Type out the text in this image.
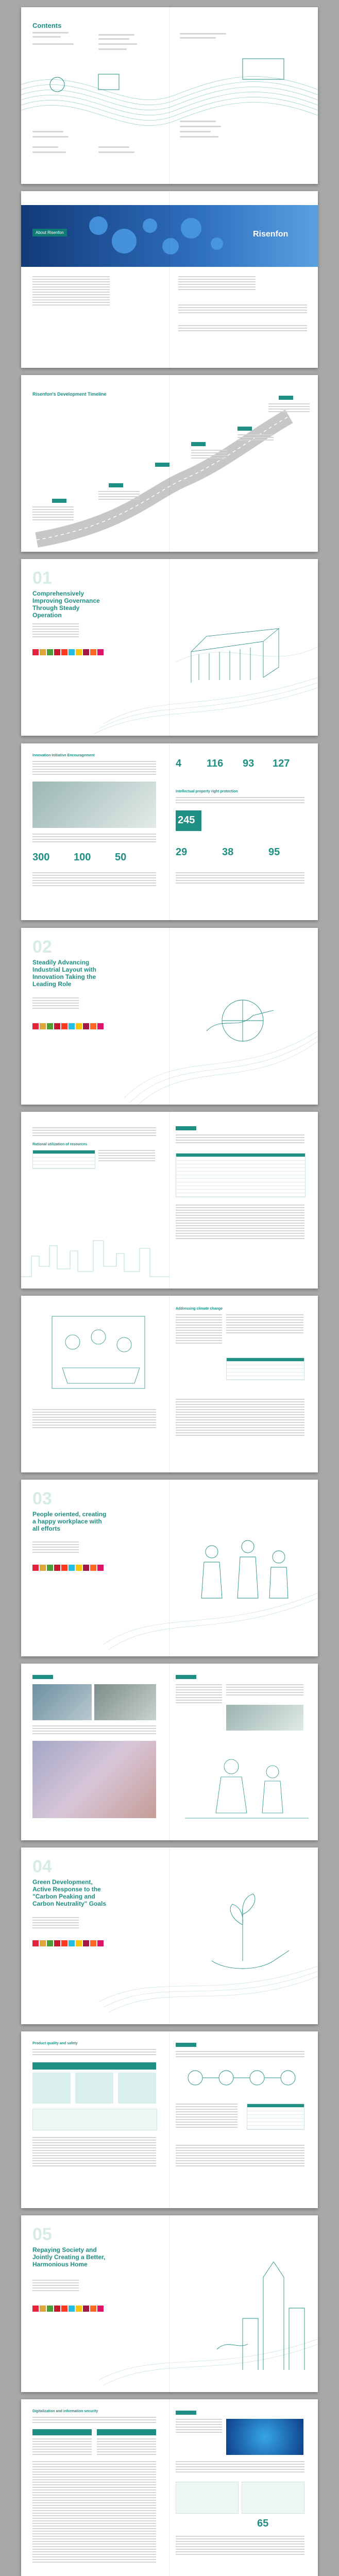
Contents
About Risenfon	Risenfon
Risenfon's Development Timeline
01
Comprehensively Improving Governance Through Steady Operation
Innovation Initiative Encouragement
300 100 50
4 116 93 127
Intellectual property right protection
245
29	38	95
02
Steadily Advancing Industrial Layout with Innovation Taking the Leading Role
Rational utilization of resources
Addressing climate change
03
People oriented, creating a happy workplace with all efforts
04
Green Development, Active Response to the "Carbon Peaking and Carbon Neutrality" Goals
Product quality and safety
05
Repaying Society and Jointly Creating a Better, Harmonious Home
Digitalization and information security
65
